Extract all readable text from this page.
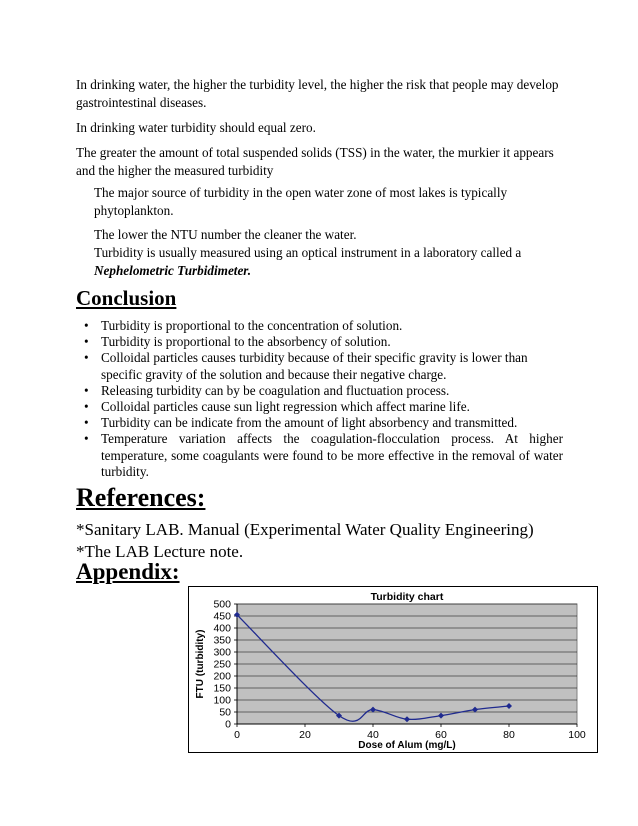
In drinking water, the higher the turbidity level, the higher the risk that people may develop gastrointestinal diseases.

In drinking water turbidity should equal zero.

The greater the amount of total suspended solids (TSS) in the water, the murkier it appears and the higher the measured turbidity

The major source of turbidity in the open water zone of most lakes is typically phytoplankton.

The lower the NTU number the cleaner the water.
Turbidity is usually measured using an optical instrument in a laboratory called a
Nephelometric Turbidimeter.

Conclusion
• Turbidity is proportional to the concentration of solution.
• Turbidity is proportional to the absorbency of solution.
• Colloidal particles causes turbidity because of their specific gravity is lower than specific gravity of the solution and because their negative charge.
• Releasing turbidity can by be coagulation and fluctuation process.
• Colloidal particles cause sun light regression which affect marine life.
• Turbidity can be indicate from the amount of light absorbency and transmitted.
• Temperature variation affects the coagulation-flocculation process. At higher temperature, some coagulants were found to be more effective in the removal of water turbidity.
References:
*Sanitary LAB. Manual (Experimental Water Quality Engineering)
*The LAB Lecture note.
Appendix:
0
50
100
150
200
250
300
350
400
450
500
0	20	40	60	80	100
Turbidity chart
Dose of Alum (mg/L)
FTU (turbidity)
